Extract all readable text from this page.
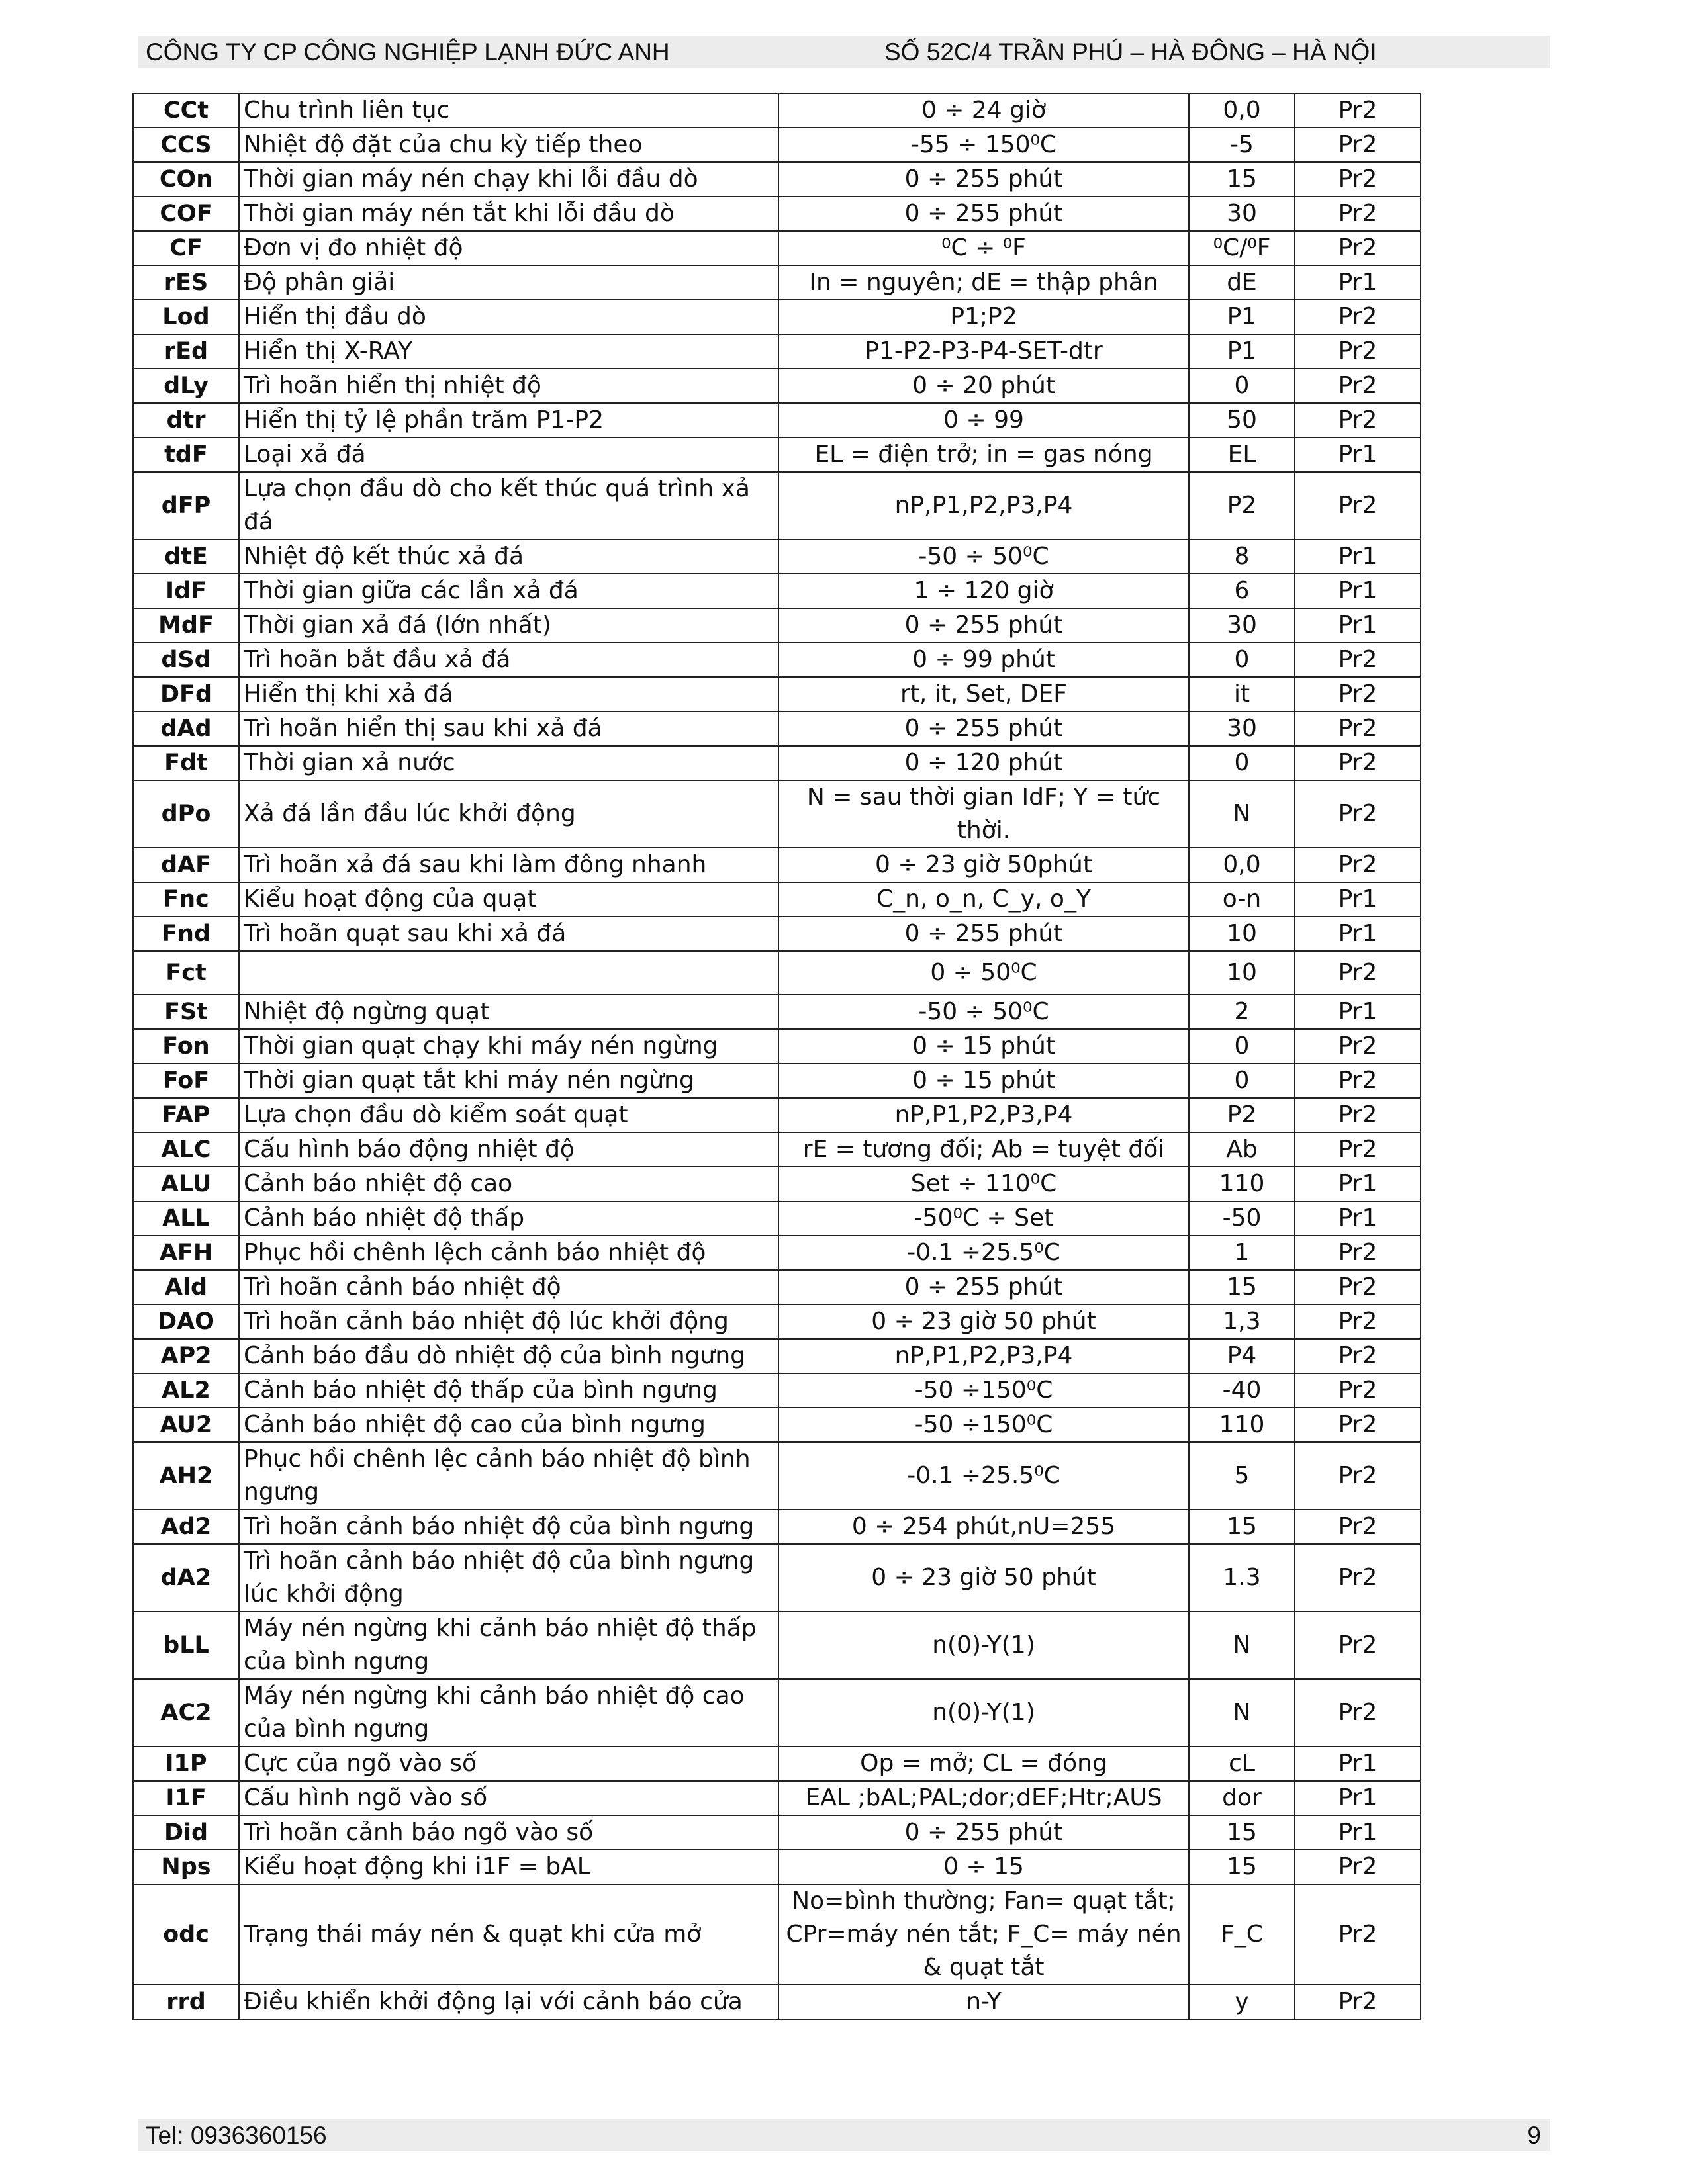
CÔNG TY CP CÔNG NGHIỆP LẠNH ĐỨC ANH	SỐ 52C/4 TRẦN PHÚ – HÀ ĐÔNG – HÀ NỘI
CCt	Chu trình liên tục	0 ÷ 24 giờ	0,0	Pr2
CCS	Nhiệt độ đặt của chu kỳ tiếp theo	-55 ÷ 150⁰C	-5	Pr2
COn	Thời gian máy nén chạy khi lỗi đầu dò	0 ÷ 255 phút	15	Pr2
COF	Thời gian máy nén tắt khi lỗi đầu dò	0 ÷ 255 phút	30	Pr2
CF	Đơn vị đo nhiệt độ	⁰C ÷ ⁰F	⁰C/⁰F	Pr2
rES	Độ phân giải	In = nguyên; dE = thập phân	dE	Pr1
Lod	Hiển thị đầu dò	P1;P2	P1	Pr2
rEd	Hiển thị X-RAY	P1-P2-P3-P4-SET-dtr	P1	Pr2
dLy	Trì hoãn hiển thị nhiệt độ	0 ÷ 20 phút	0	Pr2
dtr	Hiển thị tỷ lệ phần trăm P1-P2	0 ÷ 99	50	Pr2
tdF	Loại xả đá	EL = điện trở; in = gas nóng	EL	Pr1
dFP	Lựa chọn đầu dò cho kết thúc quá trình xả đá	nP,P1,P2,P3,P4	P2	Pr2
dtE	Nhiệt độ kết thúc xả đá	-50 ÷ 50⁰C	8	Pr1
IdF	Thời gian giữa các lần xả đá	1 ÷ 120 giờ	6	Pr1
MdF	Thời gian xả đá (lớn nhất)	0 ÷ 255 phút	30	Pr1
dSd	Trì hoãn bắt đầu xả đá	0 ÷ 99 phút	0	Pr2
DFd	Hiển thị khi xả đá	rt, it, Set, DEF	it	Pr2
dAd	Trì hoãn hiển thị sau khi xả đá	0 ÷ 255 phút	30	Pr2
Fdt	Thời gian xả nước	0 ÷ 120 phút	0	Pr2
dPo	Xả đá lần đầu lúc khởi động	N = sau thời gian IdF; Y = tức thời.	N	Pr2
dAF	Trì hoãn xả đá sau khi làm đông nhanh	0 ÷ 23 giờ 50phút	0,0	Pr2
Fnc	Kiểu hoạt động của quạt	C_n, o_n, C_y, o_Y	o-n	Pr1
Fnd	Trì hoãn quạt sau khi xả đá	0 ÷ 255 phút	10	Pr1
Fct		0 ÷ 50⁰C	10	Pr2
FSt	Nhiệt độ ngừng quạt	-50 ÷ 50⁰C	2	Pr1
Fon	Thời gian quạt chạy khi máy nén ngừng	0 ÷ 15 phút	0	Pr2
FoF	Thời gian quạt tắt khi máy nén ngừng	0 ÷ 15 phút	0	Pr2
FAP	Lựa chọn đầu dò kiểm soát quạt	nP,P1,P2,P3,P4	P2	Pr2
ALC	Cấu hình báo động nhiệt độ	rE = tương đối; Ab = tuyệt đối	Ab	Pr2
ALU	Cảnh báo nhiệt độ cao	Set ÷ 110⁰C	110	Pr1
ALL	Cảnh báo nhiệt độ thấp	-50⁰C ÷ Set	-50	Pr1
AFH	Phục hồi chênh lệch cảnh báo nhiệt độ	-0.1 ÷25.5⁰C	1	Pr2
Ald	Trì hoãn cảnh báo nhiệt độ	0 ÷ 255 phút	15	Pr2
DAO	Trì hoãn cảnh báo nhiệt độ lúc khởi động	0 ÷ 23 giờ 50 phút	1,3	Pr2
AP2	Cảnh báo đầu dò nhiệt độ của bình ngưng	nP,P1,P2,P3,P4	P4	Pr2
AL2	Cảnh báo nhiệt độ thấp của bình ngưng	-50 ÷150⁰C	-40	Pr2
AU2	Cảnh báo nhiệt độ cao của bình ngưng	-50 ÷150⁰C	110	Pr2
AH2	Phục hồi chênh lệc cảnh báo nhiệt độ bình ngưng	-0.1 ÷25.5⁰C	5	Pr2
Ad2	Trì hoãn cảnh báo nhiệt độ của bình ngưng	0 ÷ 254 phút,nU=255	15	Pr2
dA2	Trì hoãn cảnh báo nhiệt độ của bình ngưng lúc khởi động	0 ÷ 23 giờ 50 phút	1.3	Pr2
bLL	Máy nén ngừng khi cảnh báo nhiệt độ thấp của bình ngưng	n(0)-Y(1)	N	Pr2
AC2	Máy nén ngừng khi cảnh báo nhiệt độ cao của bình ngưng	n(0)-Y(1)	N	Pr2
I1P	Cực của ngõ vào số	Op = mở; CL = đóng	cL	Pr1
I1F	Cấu hình ngõ vào số	EAL ;bAL;PAL;dor;dEF;Htr;AUS	dor	Pr1
Did	Trì hoãn cảnh báo ngõ vào số	0 ÷ 255 phút	15	Pr1
Nps	Kiểu hoạt động khi i1F = bAL	0 ÷ 15	15	Pr2
odc	Trạng thái máy nén & quạt khi cửa mở	No=bình thường; Fan= quạt tắt; CPr=máy nén tắt; F_C= máy nén & quạt tắt	F_C	Pr2
rrd	Điều khiển khởi động lại với cảnh báo cửa	n-Y	y	Pr2
Tel: 0936360156	9
